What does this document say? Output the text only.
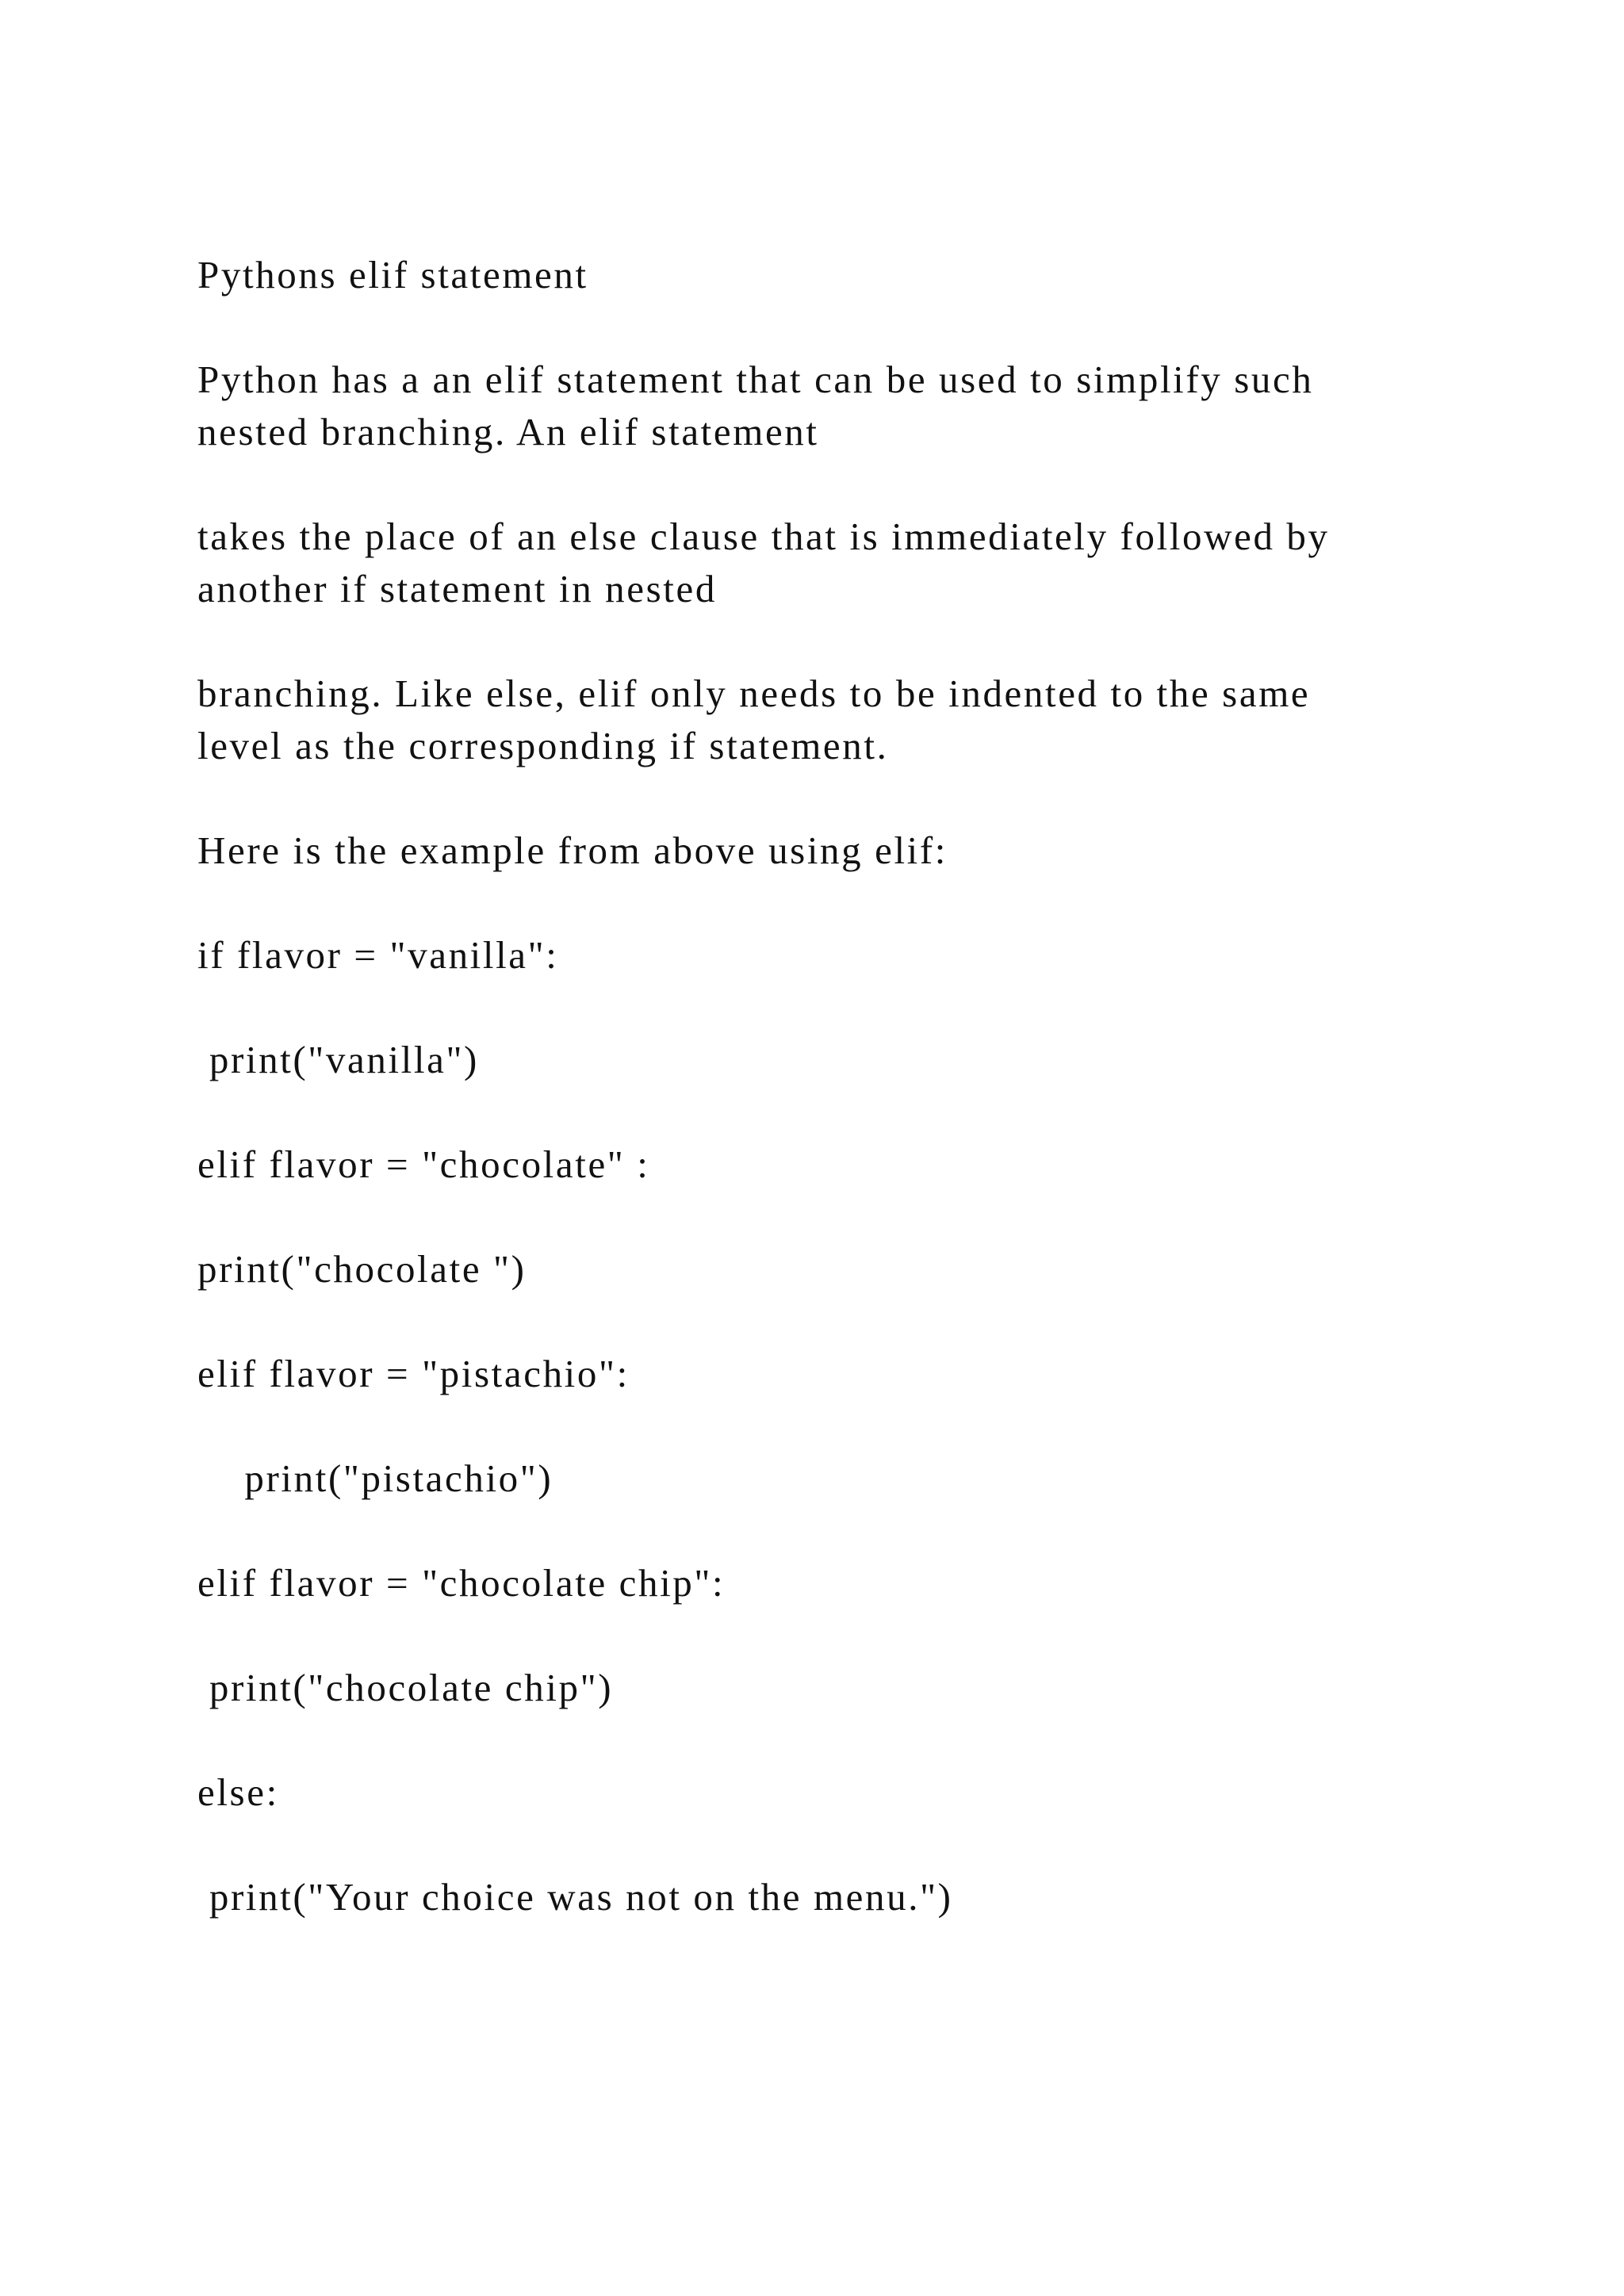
Pythons elif statement

Python has a an elif statement that can be used to simplify such

nested branching. An elif statement

takes the place of an else clause that is immediately followed by

another if statement in nested

branching. Like else, elif only needs to be indented to the same

level as the corresponding if statement.

Here is the example from above using elif:

if flavor = "vanilla":

print("vanilla")

elif flavor = "chocolate" :

print("chocolate ")

elif flavor = "pistachio":

print("pistachio")

elif flavor = "chocolate chip":

print("chocolate chip")

else:

print("Your choice was not on the menu.")
